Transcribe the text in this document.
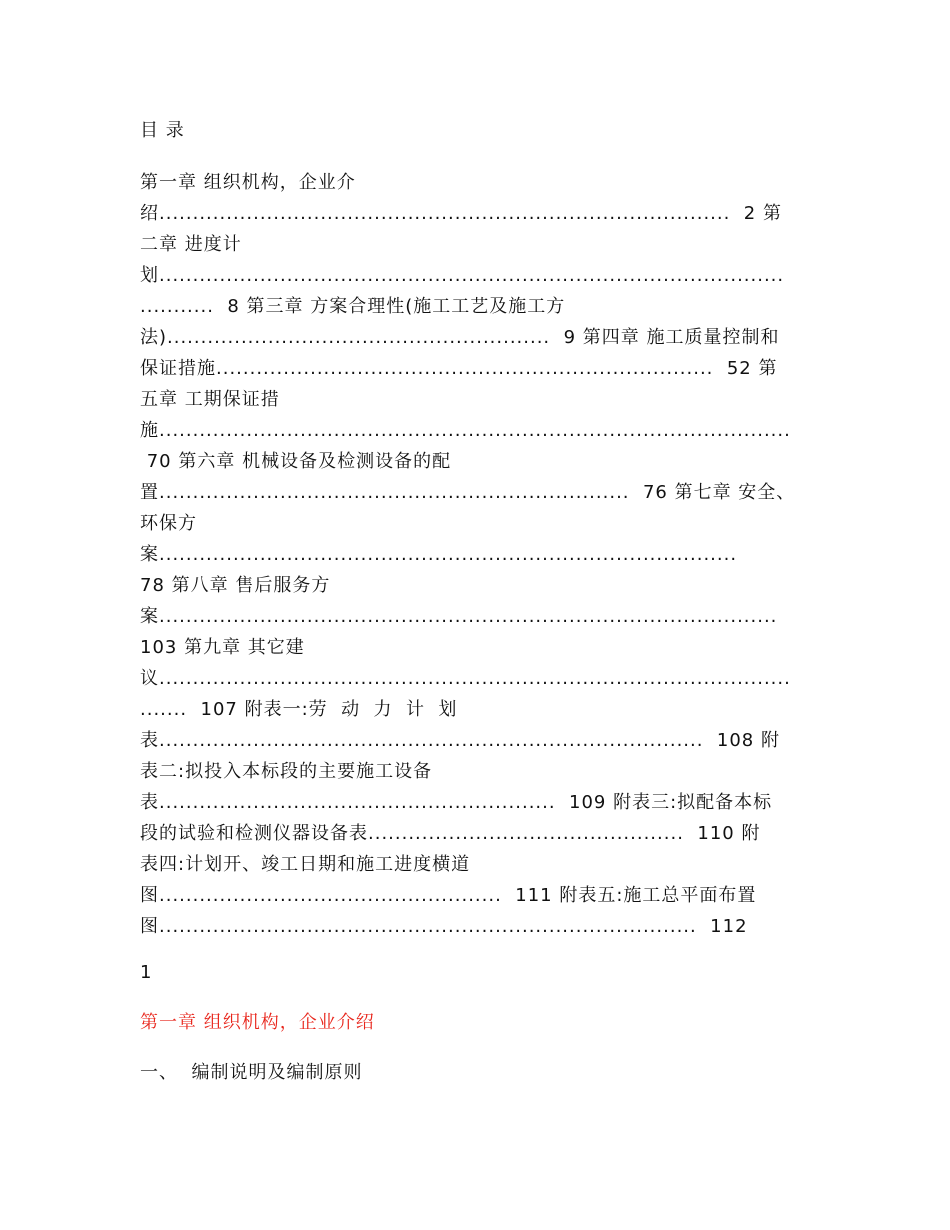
目 录
第一章 组织机构，企业介
绍.....................................................................................  2 第
二章 进度计
划.............................................................................................
...........  8 第三章 方案合理性(施工工艺及施工方
法).........................................................  9 第四章 施工质量控制和
保证措施..........................................................................  52 第
五章 工期保证措
施..............................................................................................
70 第六章 机械设备及检测设备的配
置......................................................................  76 第七章 安全、
环保方
案......................................................................................
78 第八章 售后服务方
案............................................................................................
103 第九章 其它建
议..............................................................................................
.......  107 附表一:劳  动  力  计  划
表.................................................................................  108 附
表二:拟投入本标段的主要施工设备
表...........................................................  109 附表三:拟配备本标
段的试验和检测仪器设备表...............................................  110 附
表四:计划开、竣工日期和施工进度横道
图...................................................  111 附表五:施工总平面布置
图................................................................................  112
1
第一章 组织机构，企业介绍
一、  编制说明及编制原则
